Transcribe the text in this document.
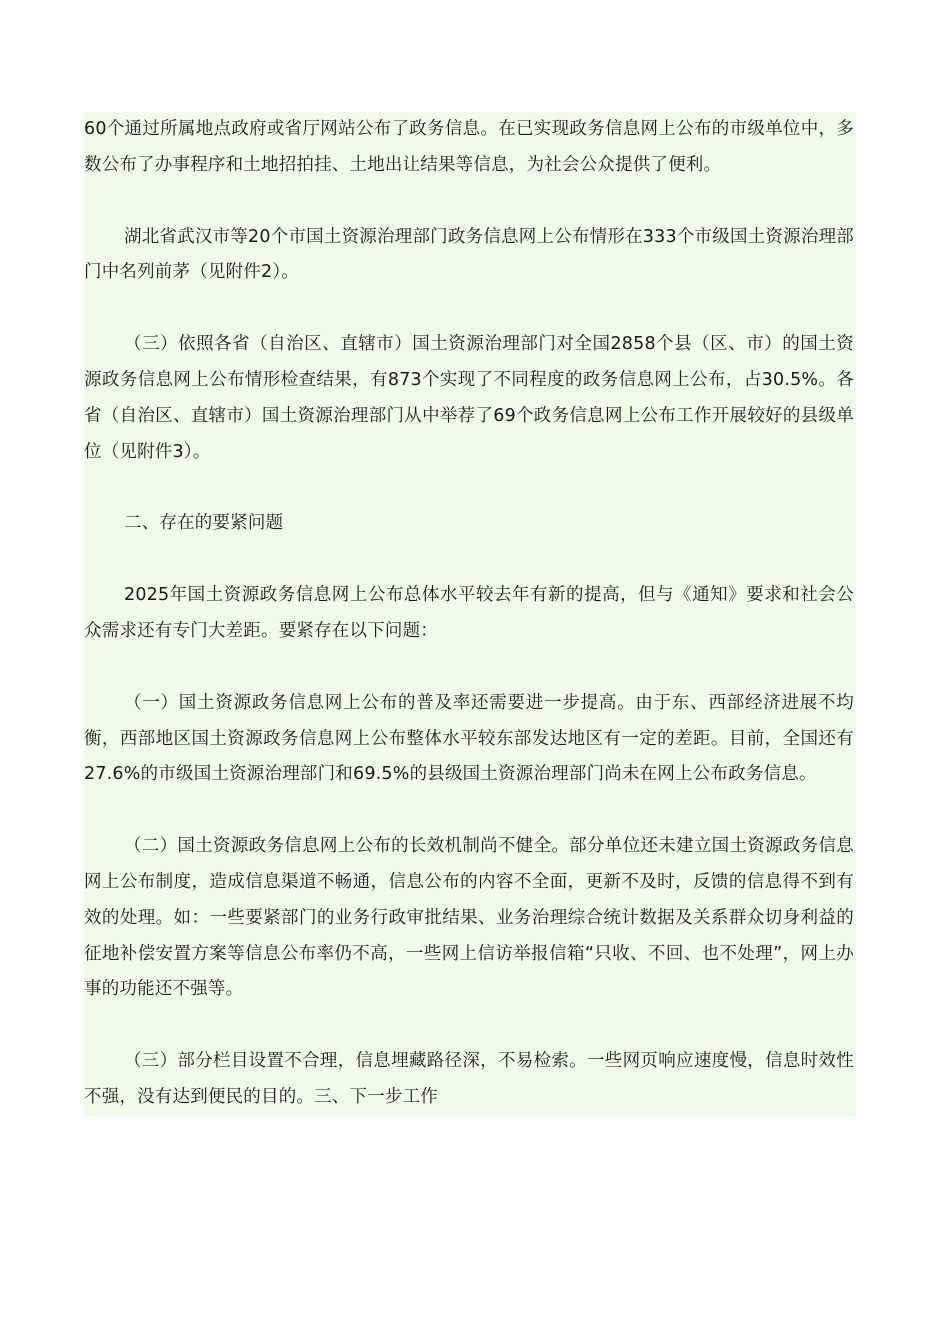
60个通过所属地点政府或省厅网站公布了政务信息。在已实现政务信息网上公布的市级单位中，多数公布了办事程序和土地招拍挂、土地出让结果等信息，为社会公众提供了便利。

湖北省武汉市等20个市国土资源治理部门政务信息网上公布情形在333个市级国土资源治理部门中名列前茅（见附件2）。

（三）依照各省（自治区、直辖市）国土资源治理部门对全国2858个县（区、市）的国土资源政务信息网上公布情形检查结果，有873个实现了不同程度的政务信息网上公布，占30.5%。各省（自治区、直辖市）国土资源治理部门从中举荐了69个政务信息网上公布工作开展较好的县级单位（见附件3）。

二、存在的要紧问题

2025年国土资源政务信息网上公布总体水平较去年有新的提高，但与《通知》要求和社会公众需求还有专门大差距。要紧存在以下问题：

（一）国土资源政务信息网上公布的普及率还需要进一步提高。由于东、西部经济进展不均衡，西部地区国土资源政务信息网上公布整体水平较东部发达地区有一定的差距。目前，全国还有27.6%的市级国土资源治理部门和69.5%的县级国土资源治理部门尚未在网上公布政务信息。

（二）国土资源政务信息网上公布的长效机制尚不健全。部分单位还未建立国土资源政务信息网上公布制度，造成信息渠道不畅通，信息公布的内容不全面，更新不及时，反馈的信息得不到有效的处理。如：一些要紧部门的业务行政审批结果、业务治理综合统计数据及关系群众切身利益的征地补偿安置方案等信息公布率仍不高，一些网上信访举报信箱“只收、不回、也不处理”，网上办事的功能还不强等。

（三）部分栏目设置不合理，信息埋藏路径深，不易检索。一些网页响应速度慢，信息时效性不强，没有达到便民的目的。三、下一步工作
